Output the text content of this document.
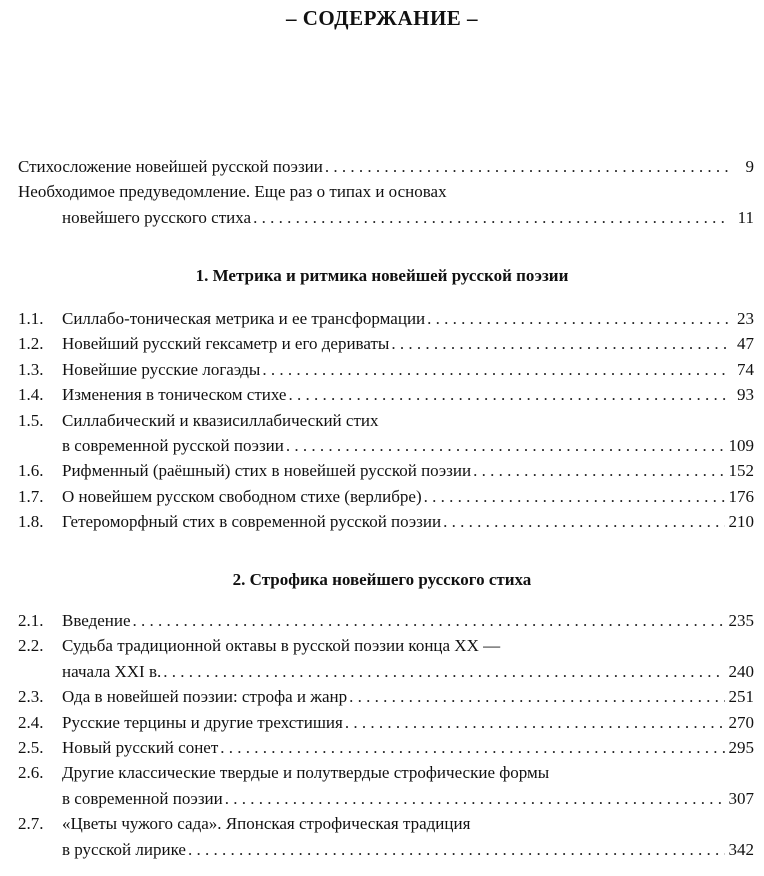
– СОДЕРЖАНИЕ –
Стихосложение новейшей русской поэзии . . .	9
Необходимое предуведомление. Еще раз о типах и основах
новейшего русского стиха . . .	11
1. Метрика и ритмика новейшей русской поэзии
1.1.	Силлабо-тоническая метрика и ее трансформации . . .	23
1.2.	Новейший русский гексаметр и его дериваты . . .	47
1.3.	Новейшие русские логаэды . . .	74
1.4.	Изменения в тоническом стихе . . .	93
1.5.	Силлабический и квазисиллабический стих
в современной русской поэзии . . .	109
1.6.	Рифменный (раёшный) стих в новейшей русской поэзии . . .	152
1.7.	О новейшем русском свободном стихе (верлибре) . . .	176
1.8.	Гетероморфный стих в современной русской поэзии . . .	210
2. Строфика новейшего русского стиха
2.1.	Введение . . .	235
2.2.	Судьба традиционной октавы в русской поэзии конца XX —
начала XXI в. . . .	240
2.3.	Ода в новейшей поэзии: строфа и жанр . . .	251
2.4.	Русские терцины и другие трехстишия . . .	270
2.5.	Новый русский сонет . . .	295
2.6.	Другие классические твердые и полутвердые строфические формы
в современной поэзии . . .	307
2.7.	«Цветы чужого сада». Японская строфическая традиция
в русской лирике . . .	342
